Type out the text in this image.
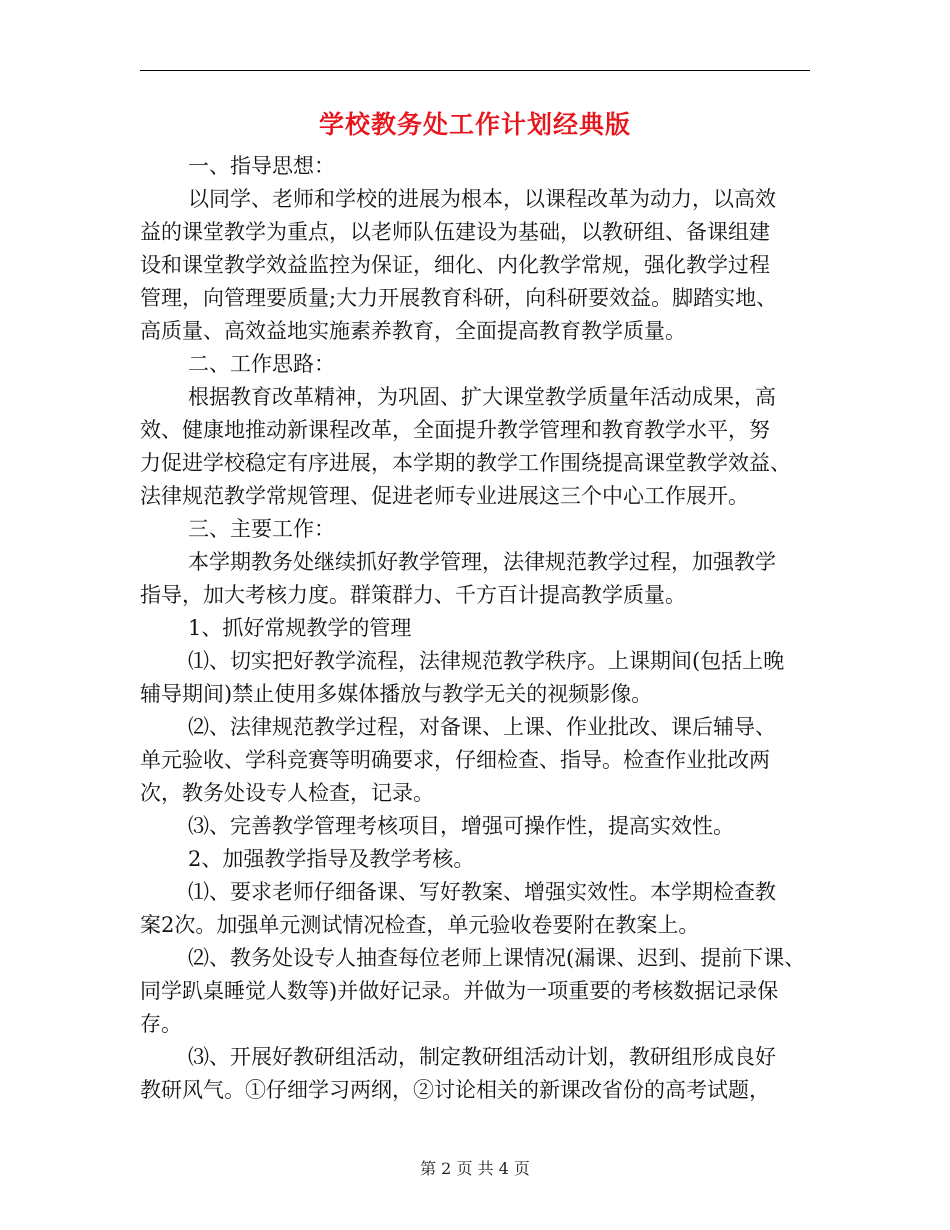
学校教务处工作计划经典版
一、指导思想：
以同学、老师和学校的进展为根本，以课程改革为动力，以高效
益的课堂教学为重点，以老师队伍建设为基础，以教研组、备课组建
设和课堂教学效益监控为保证，细化、内化教学常规，强化教学过程
管理，向管理要质量;大力开展教育科研，向科研要效益。脚踏实地、
高质量、高效益地实施素养教育，全面提高教育教学质量。
二、工作思路：
根据教育改革精神，为巩固、扩大课堂教学质量年活动成果，高
效、健康地推动新课程改革，全面提升教学管理和教育教学水平，努
力促进学校稳定有序进展，本学期的教学工作围绕提高课堂教学效益、
法律规范教学常规管理、促进老师专业进展这三个中心工作展开。
三、主要工作：
本学期教务处继续抓好教学管理，法律规范教学过程，加强教学
指导，加大考核力度。群策群力、千方百计提高教学质量。
1、抓好常规教学的管理
⑴、切实把好教学流程，法律规范教学秩序。上课期间(包括上晚
辅导期间)禁止使用多媒体播放与教学无关的视频影像。
⑵、法律规范教学过程，对备课、上课、作业批改、课后辅导、
单元验收、学科竞赛等明确要求，仔细检查、指导。检查作业批改两
次，教务处设专人检查，记录。
⑶、完善教学管理考核项目，增强可操作性，提高实效性。
2、加强教学指导及教学考核。
⑴、要求老师仔细备课、写好教案、增强实效性。本学期检查教
案2次。加强单元测试情况检查，单元验收卷要附在教案上。
⑵、教务处设专人抽查每位老师上课情况(漏课、迟到、提前下课、
同学趴桌睡觉人数等)并做好记录。并做为一项重要的考核数据记录保
存。
⑶、开展好教研组活动，制定教研组活动计划，教研组形成良好
教研风气。①仔细学习两纲，②讨论相关的新课改省份的高考试题，
第 2 页 共 4 页
